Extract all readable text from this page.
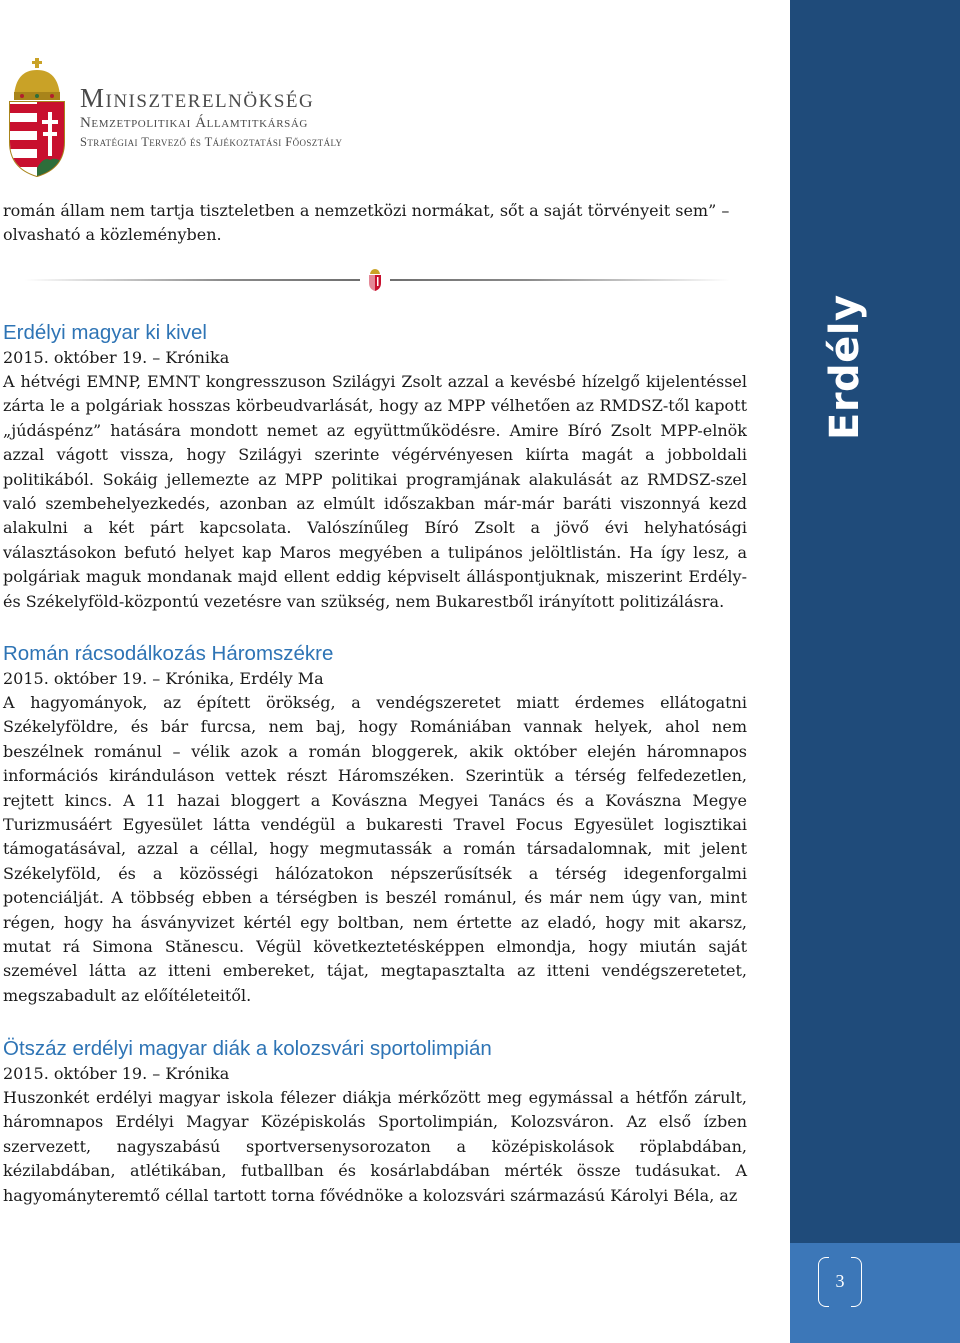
Miniszterelnökség
Nemzetpolitikai Államtitkárság
Stratégiai Tervező és Tájékoztatási Főosztály
Erdély
3

román állam nem tartja tiszteletben a nemzetközi normákat, sőt a saját törvényeit sem” – olvasható a közleményben.

Erdélyi magyar ki kivel
2015. október 19. – Krónika

A hétvégi EMNP, EMNT kongresszuson Szilágyi Zsolt azzal a kevésbé hízelgő kijelentéssel zárta le a polgáriak hosszas körbeudvarlását, hogy az MPP vélhetően az RMDSZ-től kapott „júdáspénz” hatására mondott nemet az együttműködésre. Amire Bíró Zsolt MPP-elnök azzal vágott vissza, hogy Szilágyi szerinte végérvényesen kiírta magát a jobboldali politikából. Sokáig jellemezte az MPP politikai programjának alakulását az RMDSZ-szel való szembehelyezkedés, azonban az elmúlt időszakban már-már baráti viszonnyá kezd alakulni a két párt kapcsolata. Valószínűleg Bíró Zsolt a jövő évi helyhatósági választásokon befutó helyet kap Maros megyében a tulipános jelöltlistán. Ha így lesz, a polgáriak maguk mondanak majd ellent eddig képviselt álláspontjuknak, miszerint Erdély- és Székelyföld-központú vezetésre van szükség, nem Bukarestből irányított politizálásra.

Román rácsodálkozás Háromszékre
2015. október 19. – Krónika, Erdély Ma

A hagyományok, az épített örökség, a vendégszeretet miatt érdemes ellátogatni Székelyföldre, és bár furcsa, nem baj, hogy Romániában vannak helyek, ahol nem beszélnek románul – vélik azok a román bloggerek, akik október elején háromnapos információs kiránduláson vettek részt Háromszéken. Szerintük a térség felfedezetlen, rejtett kincs. A 11 hazai bloggert a Kovászna Megyei Tanács és a Kovászna Megye Turizmusáért Egyesület látta vendégül a bukaresti Travel Focus Egyesület logisztikai támogatásával, azzal a céllal, hogy megmutassák a román társadalomnak, mit jelent Székelyföld, és a közösségi hálózatokon népszerűsítsék a térség idegenforgalmi potenciálját. A többség ebben a térségben is beszél románul, és már nem úgy van, mint régen, hogy ha ásványvizet kértél egy boltban, nem értette az eladó, hogy mit akarsz, mutat rá Simona Stănescu. Végül következtetésképpen elmondja, hogy miután saját szemével látta az itteni embereket, tájat, megtapasztalta az itteni vendégszeretetet, megszabadult az előítéleteitől.

Ötszáz erdélyi magyar diák a kolozsvári sportolimpián
2015. október 19. – Krónika

Huszonkét erdélyi magyar iskola félezer diákja mérkőzött meg egymással a hétfőn zárult, háromnapos Erdélyi Magyar Középiskolás Sportolimpián, Kolozsváron. Az első ízben szervezett, nagyszabású sportversenysorozaton a középiskolások röplabdában, kézilabdában, atlétikában, futballban és kosárlabdában mérték össze tudásukat. A hagyományteremtő céllal tartott torna fővédnöke a kolozsvári származású Károlyi Béla, az
